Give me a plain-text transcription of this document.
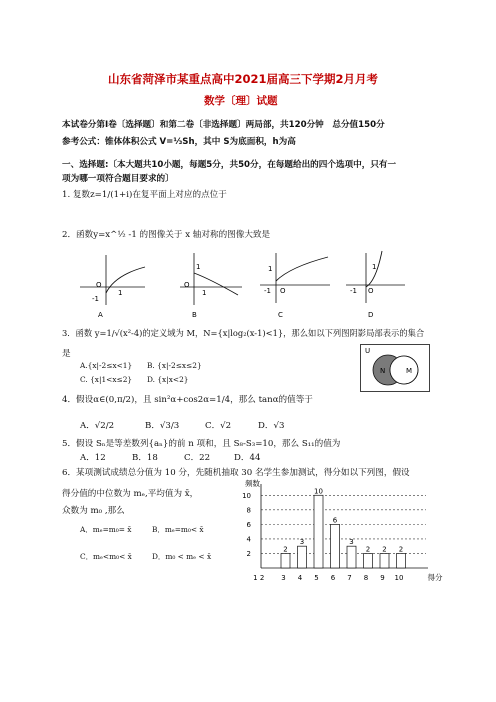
山东省菏泽市某重点高中2021届高三下学期2月月考
数学〔理〕试题
本试卷分第Ⅰ卷〔选择题〕和第二卷〔非选择题〕两局部，共120分钟　总分值150分
参考公式：锥体体积公式 V=⅓Sh，其中 S为底面积，h为高
一、选择题:〔本大题共10小题，每题5分，共50分，在每题给出的四个选项中，只有一
项为哪一项符合题目要求的〕
1. 复数z=1/(1+i)在复平面上对应的点位于
2．函数y=x^½ -1 的图像关于 x 轴对称的图像大致是
O
-1
1
A
1
O
1
B
1
-1 O
C
1
-1 O
D
3．函数 y=1/√(x²-4)的定义域为 M，N={x|log₂(x-1)<1}，那么如以下列图阴影局部表示的集合
是
A.{x|-2≤x<1} B. {x|-2≤x≤2}
C. {x|1<x≤2} D. {x|x<2}
U
N	M
4．假设α∈(0,π/2)，且 sin²α+cos2α=1/4，那么 tanα的值等于
A．√2/2	B．√3/3	C．√2	D．√3
5．假设 Sₙ是等差数列{aₙ}的前 n 项和，且 S₈-S₃=10，那么 S₁₁的值为
A．12	B．18	C．22	D．44
6．某项测试成绩总分值为 10 分，先随机抽取 30 名学生参加测试，得分如以下列图，假设
得分值的中位数为 mₑ,平均值为 x̄，
众数为 m₀ ,那么
A．mₑ=m₀= x̄	B．mₑ=m₀< x̄
C．mₑ<m₀< x̄	D．m₀ < mₑ < x̄
频数
2
4
6
8
10
2
3
10
6
3
2 2 2
1 2 3 4 5 6 7 8 9 10	得分
